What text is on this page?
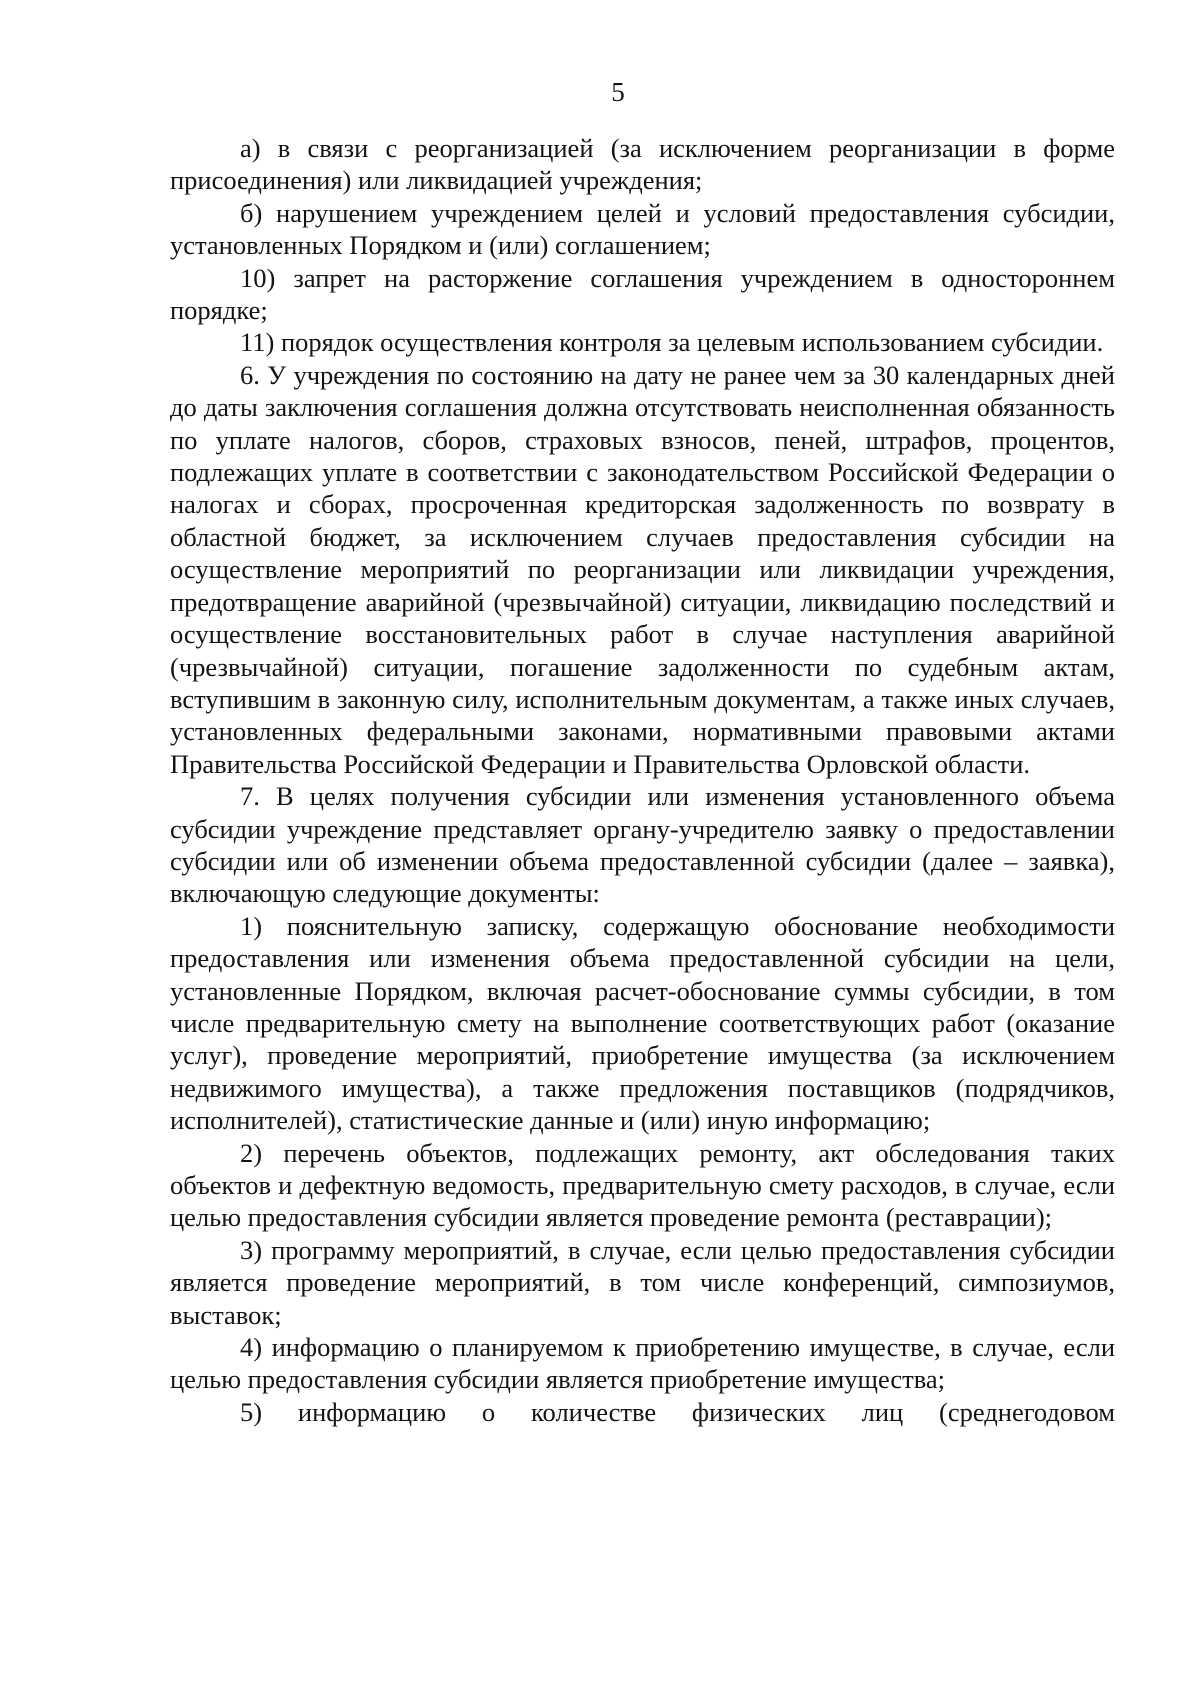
5

а) в связи с реорганизацией (за исключением реорганизации в форме присоединения) или ликвидацией учреждения;

б) нарушением учреждением целей и условий предоставления субсидии, установленных Порядком и (или) соглашением;

10) запрет на расторжение соглашения учреждением в одностороннем порядке;

11) порядок осуществления контроля за целевым использованием субсидии.

6. У учреждения по состоянию на дату не ранее чем за 30 календарных дней до даты заключения соглашения должна отсутствовать неисполненная обязанность по уплате налогов, сборов, страховых взносов, пеней, штрафов, процентов, подлежащих уплате в соответствии с законодательством Российской Федерации о налогах и сборах, просроченная кредиторская задолженность по возврату в областной бюджет, за исключением случаев предоставления субсидии на осуществление мероприятий по реорганизации или ликвидации учреждения, предотвращение аварийной (чрезвычайной) ситуации, ликвидацию последствий и осуществление восстановительных работ в случае наступления аварийной (чрезвычайной) ситуации, погашение задолженности по судебным актам, вступившим в законную силу, исполнительным документам, а также иных случаев, установленных федеральными законами, нормативными правовыми актами Правительства Российской Федерации и Правительства Орловской области.

7. В целях получения субсидии или изменения установленного объема субсидии учреждение представляет органу-учредителю заявку о предоставлении субсидии или об изменении объема предоставленной субсидии (далее – заявка), включающую следующие документы:

1) пояснительную записку, содержащую обоснование необходимости предоставления или изменения объема предоставленной субсидии на цели, установленные Порядком, включая расчет-обоснование суммы субсидии, в том числе предварительную смету на выполнение соответствующих работ (оказание услуг), проведение мероприятий, приобретение имущества (за исключением недвижимого имущества), а также предложения поставщиков (подрядчиков, исполнителей), статистические данные и (или) иную информацию;

2) перечень объектов, подлежащих ремонту, акт обследования таких объектов и дефектную ведомость, предварительную смету расходов, в случае, если целью предоставления субсидии является проведение ремонта (реставрации);

3) программу мероприятий, в случае, если целью предоставления субсидии является проведение мероприятий, в том числе конференций, симпозиумов, выставок;

4) информацию о планируемом к приобретению имуществе, в случае, если целью предоставления субсидии является приобретение имущества;

5) информацию о количестве физических лиц (среднегодовом
